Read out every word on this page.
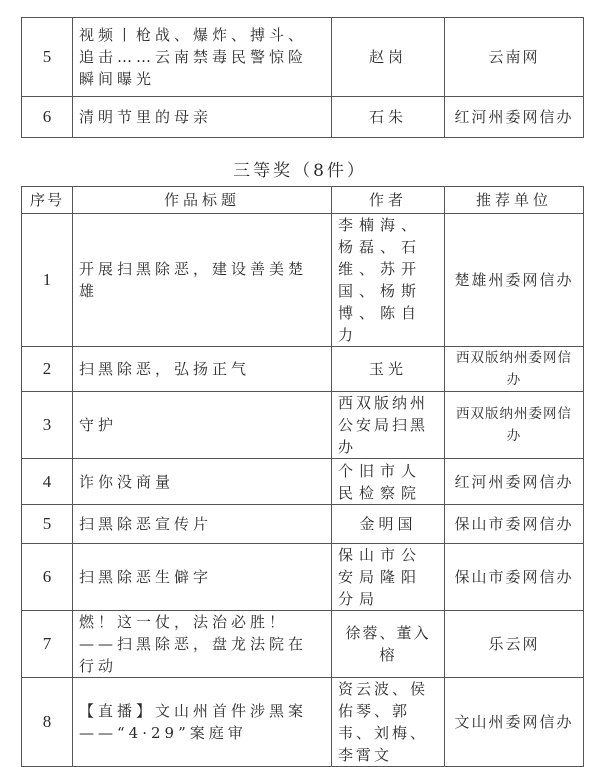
5	视频丨枪战、爆炸、搏斗、追击……云南禁毒民警惊险瞬间曝光	赵岗	云南网
6	清明节里的母亲	石朱	红河州委网信办
三等奖（8件）
序号	作品标题	作者	推荐单位
1	开展扫黑除恶，建设善美楚雄	李楠海、杨磊、石维、苏开国、杨斯博、陈自力	楚雄州委网信办
2	扫黑除恶，弘扬正气	玉光	西双版纳州委网信办
3	守护	西双版纳州公安局扫黑办	西双版纳州委网信办
4	诈你没商量	个旧市人民检察院	红河州委网信办
5	扫黑除恶宣传片	金明国	保山市委网信办
6	扫黑除恶生僻字	保山市公安局隆阳分局	保山市委网信办
7	燃！这一仗，法治必胜！——扫黑除恶，盘龙法院在行动	徐蓉、董入榕	乐云网
8	【直播】文山州首件涉黑案——“4·29”案庭审	资云波、侯佑琴、郭韦、刘梅、李霄文	文山州委网信办
